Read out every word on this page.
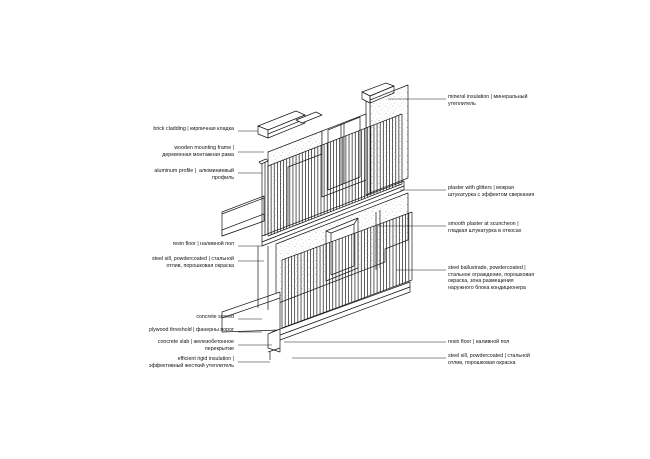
brick cladding | кирпичная кладка
wooden mounting frame |
деревянная монтажная рама
aluminum profile |  алюминиевый
профиль
resin floor | наливной пол
steel sill, powdercoated | стальной
отлив, порошковая окраска
concrete screed
plywood threshold | фанерны порог
concrete slab | железобетонное
перекрытие
efficient rigid insulation |
эффективный жесткий утеплитель
mineral insulation | минеральный
утеплитель
plaster with glitters | мокрая
штукатурка с эффектом сверкания
smooth plaster at scuncheon |
гладкая штукатурка в откосах
steel ballustrade, powdercoated |
стальное ограждение, порошковая
окраска, зона размещения
наружного блока кондиционера
resin floor | наливной пол
steel sill, powdercoated | стальной
отлив, порошковая окраска
